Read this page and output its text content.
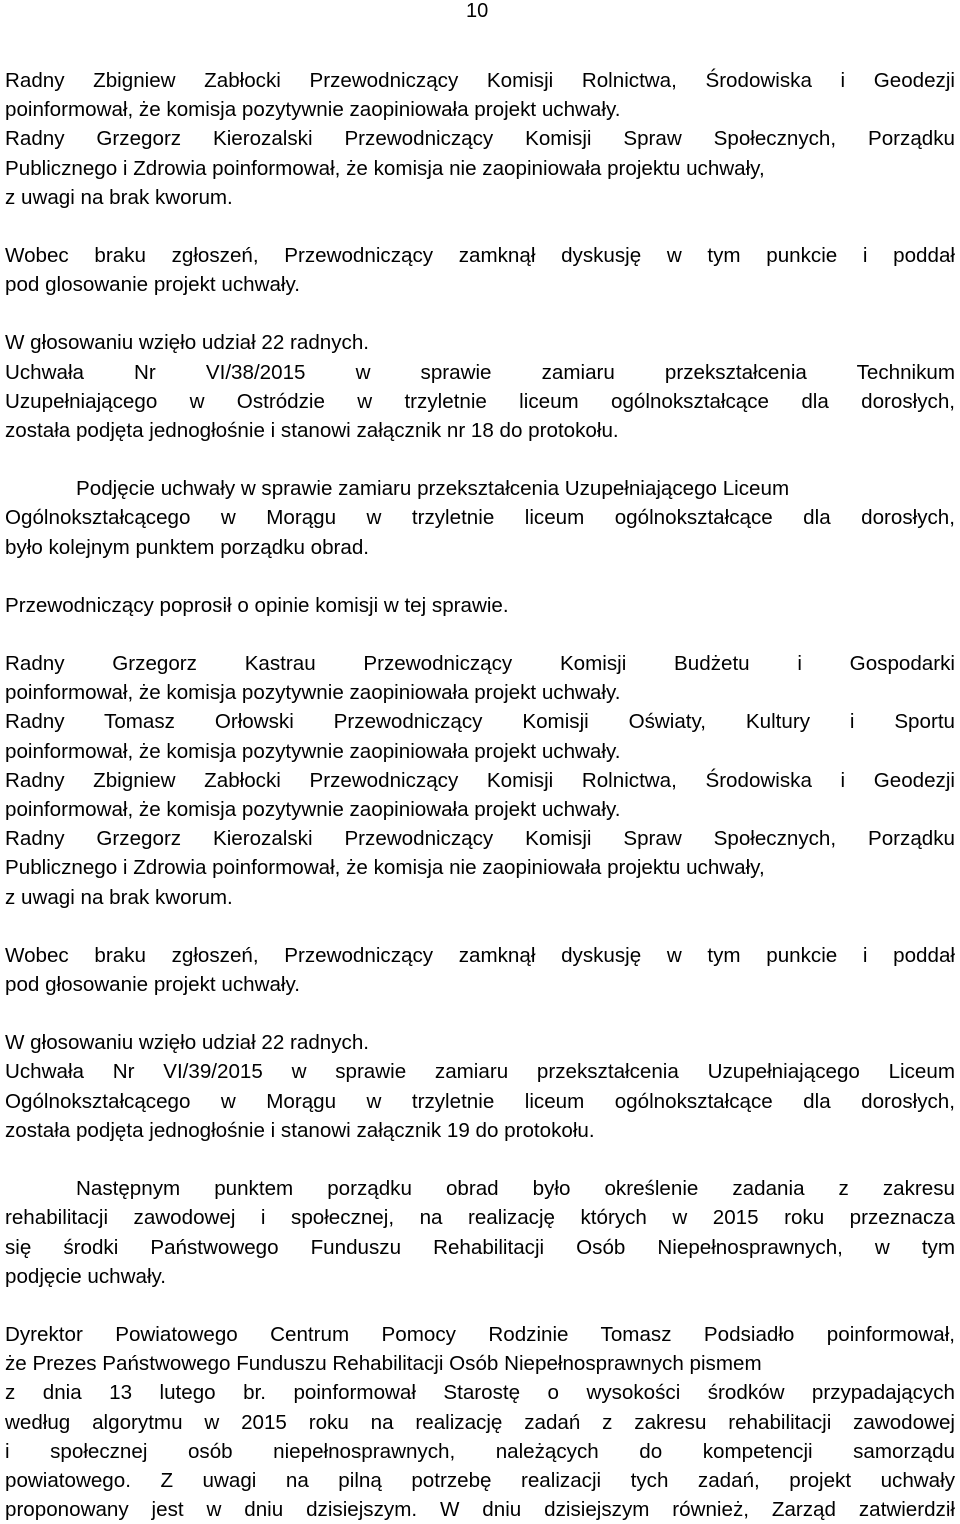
10
Radny Zbigniew Zabłocki Przewodniczący Komisji Rolnictwa, Środowiska i Geodezji
poinformował, że komisja pozytywnie zaopiniowała projekt uchwały.
Radny Grzegorz Kierozalski Przewodniczący Komisji Spraw Społecznych, Porządku
Publicznego i Zdrowia poinformował, że komisja nie zaopiniowała projektu uchwały,
z uwagi na brak kworum.
Wobec braku zgłoszeń, Przewodniczący zamknął dyskusję w tym punkcie i poddał
pod glosowanie projekt uchwały.
W głosowaniu wzięło udział 22 radnych.
Uchwała Nr VI/38/2015 w sprawie zamiaru przekształcenia Technikum
Uzupełniającego w Ostródzie w trzyletnie liceum ogólnokształcące dla dorosłych,
została podjęta jednogłośnie i stanowi załącznik nr 18 do protokołu.
Podjęcie uchwały w sprawie zamiaru przekształcenia Uzupełniającego Liceum
Ogólnokształcącego w Morągu w trzyletnie liceum ogólnokształcące dla dorosłych,
było kolejnym punktem porządku obrad.
Przewodniczący poprosił o opinie komisji w tej sprawie.
Radny Grzegorz Kastrau Przewodniczący Komisji Budżetu i Gospodarki
poinformował, że komisja pozytywnie zaopiniowała projekt uchwały.
Radny Tomasz Orłowski Przewodniczący Komisji Oświaty, Kultury i Sportu
poinformował, że komisja pozytywnie zaopiniowała projekt uchwały.
Radny Zbigniew Zabłocki Przewodniczący Komisji Rolnictwa, Środowiska i Geodezji
poinformował, że komisja pozytywnie zaopiniowała projekt uchwały.
Radny Grzegorz Kierozalski Przewodniczący Komisji Spraw Społecznych, Porządku
Publicznego i Zdrowia poinformował, że komisja nie zaopiniowała projektu uchwały,
z uwagi na brak kworum.
Wobec braku zgłoszeń, Przewodniczący zamknął dyskusję w tym punkcie i poddał
pod głosowanie projekt uchwały.
W głosowaniu wzięło udział 22 radnych.
Uchwała Nr VI/39/2015 w sprawie zamiaru przekształcenia Uzupełniającego Liceum
Ogólnokształcącego w Morągu w trzyletnie liceum ogólnokształcące dla dorosłych,
została podjęta jednogłośnie i stanowi załącznik 19 do protokołu.
Następnym punktem porządku obrad było określenie zadania z zakresu
rehabilitacji zawodowej i społecznej, na realizację których w 2015 roku przeznacza
się środki Państwowego Funduszu Rehabilitacji Osób Niepełnosprawnych, w tym
podjęcie uchwały.
Dyrektor Powiatowego Centrum Pomocy Rodzinie Tomasz Podsiadło poinformował,
że Prezes Państwowego Funduszu Rehabilitacji Osób Niepełnosprawnych pismem
z dnia 13 lutego br. poinformował Starostę o wysokości środków przypadających
według algorytmu w 2015 roku na realizację zadań z zakresu rehabilitacji zawodowej
i społecznej osób niepełnosprawnych, należących do kompetencji samorządu
powiatowego. Z uwagi na pilną potrzebę realizacji tych zadań, projekt uchwały
proponowany jest w dniu dzisiejszym. W dniu dzisiejszym również, Zarząd zatwierdził
